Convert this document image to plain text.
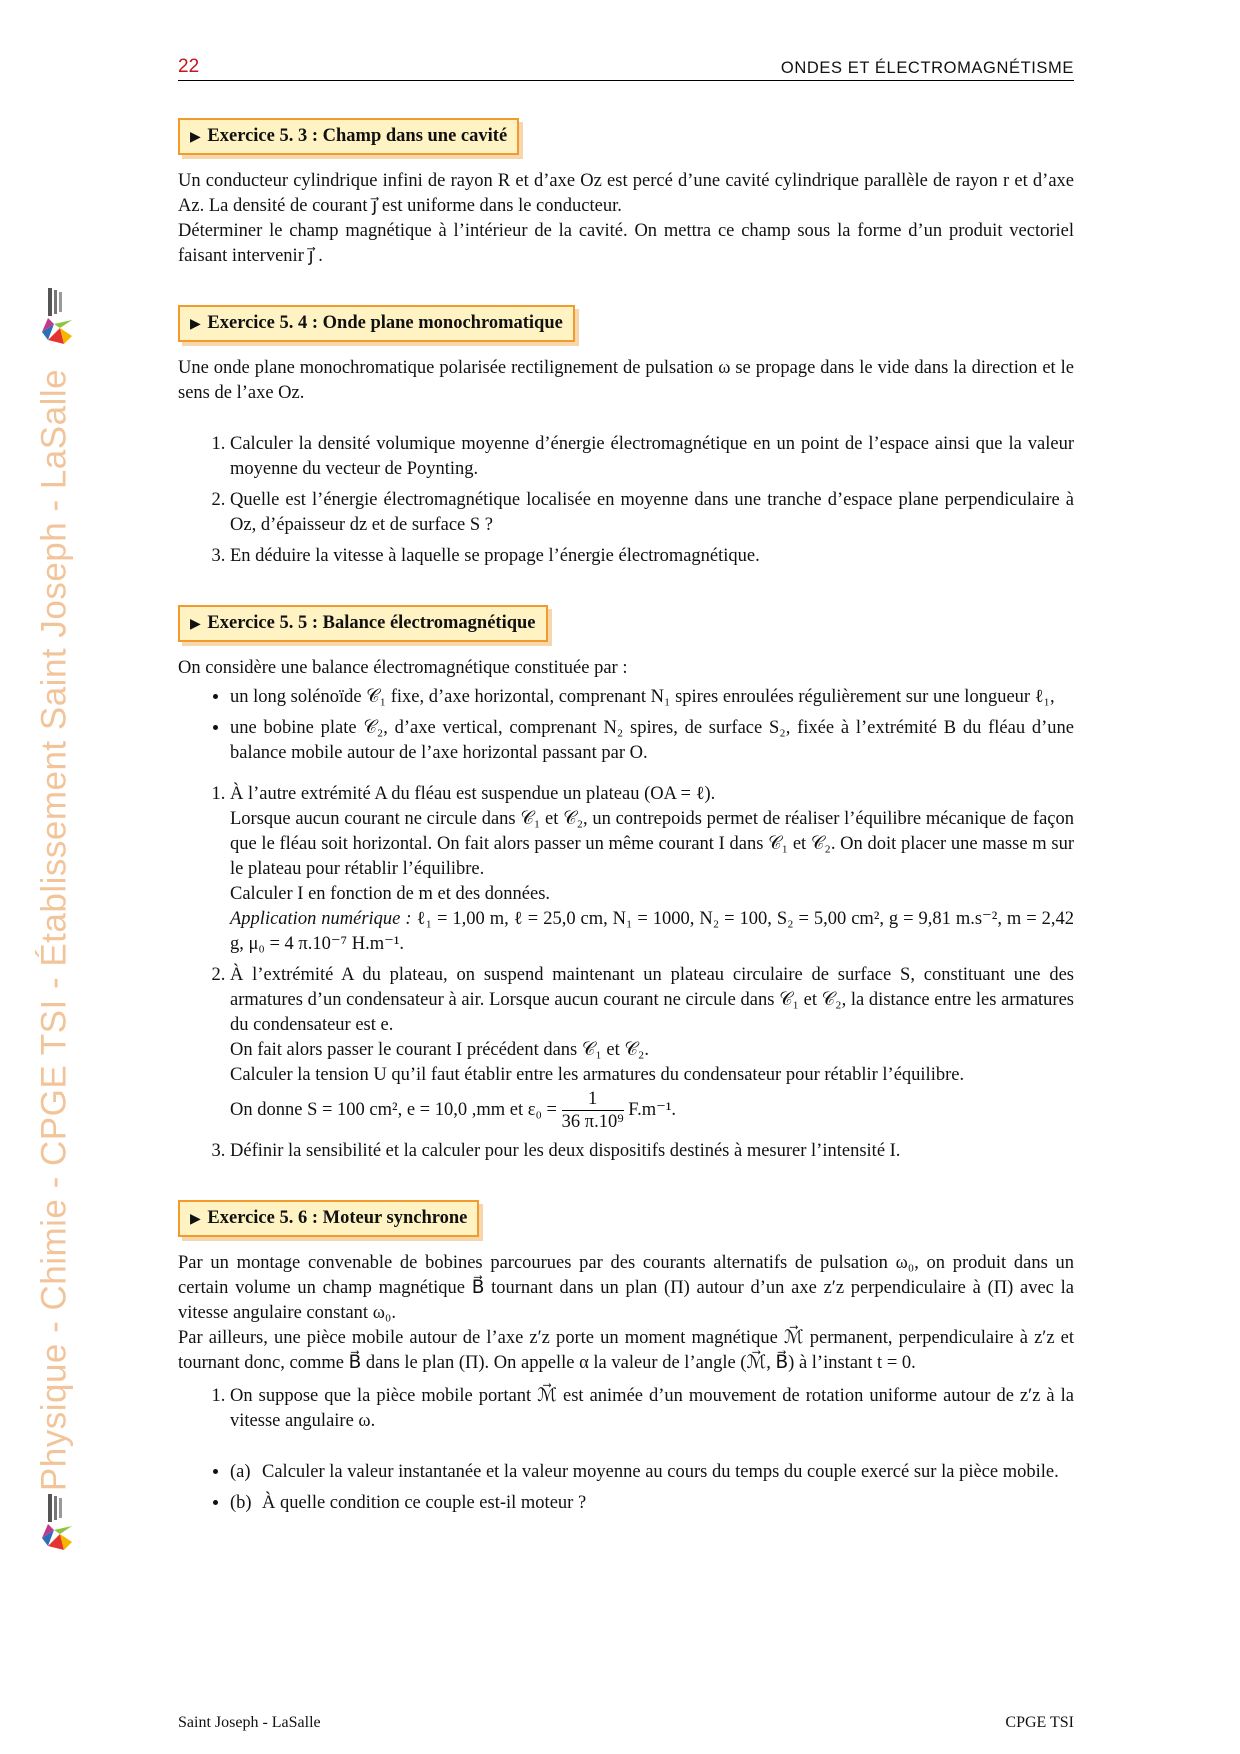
22	ONDES ET ÉLECTROMAGNÉTISME
Physique - Chimie - CPGE TSI - Établissement Saint Joseph - LaSalle
▶ Exercice 5. 3 : Champ dans une cavité

Un conducteur cylindrique infini de rayon R et d’axe Oz est percé d’une cavité cylindrique parallèle de rayon r et d’axe Az. La densité de courant j⃗ est uniforme dans le conducteur.

Déterminer le champ magnétique à l’intérieur de la cavité. On mettra ce champ sous la forme d’un produit vectoriel faisant intervenir j⃗ .

▶ Exercice 5. 4 : Onde plane monochromatique

Une onde plane monochromatique polarisée rectilignement de pulsation ω se propage dans le vide dans la direction et le sens de l’axe Oz.

1. Calculer la densité volumique moyenne d’énergie électromagnétique en un point de l’espace ainsi que la valeur moyenne du vecteur de Poynting.
2. Quelle est l’énergie électromagnétique localisée en moyenne dans une tranche d’espace plane perpendiculaire à Oz, d’épaisseur dz et de surface S ?
3. En déduire la vitesse à laquelle se propage l’énergie électromagnétique.
▶ Exercice 5. 5 : Balance électromagnétique

On considère une balance électromagnétique constituée par :

• un long solénoïde 𝒞₁ fixe, d’axe horizontal, comprenant N₁ spires enroulées régulièrement sur une longueur ℓ₁,
• une bobine plate 𝒞₂, d’axe vertical, comprenant N₂ spires, de surface S₂, fixée à l’extrémité B du fléau d’une balance mobile autour de l’axe horizontal passant par O.
1. À l’autre extrémité A du fléau est suspendue un plateau (OA = ℓ).
Lorsque aucun courant ne circule dans 𝒞₁ et 𝒞₂, un contrepoids permet de réaliser l’équilibre mécanique de façon que le fléau soit horizontal. On fait alors passer un même courant I dans 𝒞₁ et 𝒞₂. On doit placer une masse m sur le plateau pour rétablir l’équilibre.
Calculer I en fonction de m et des données.
Application numérique : ℓ₁ = 1,00 m, ℓ = 25,0 cm, N₁ = 1000, N₂ = 100, S₂ = 5,00 cm², g = 9,81 m.s⁻², m = 2,42 g, μ₀ = 4 π.10⁻⁷ H.m⁻¹.
2. À l’extrémité A du plateau, on suspend maintenant un plateau circulaire de surface S, constituant une des armatures d’un condensateur à air. Lorsque aucun courant ne circule dans 𝒞₁ et 𝒞₂, la distance entre les armatures du condensateur est e.
On fait alors passer le courant I précédent dans 𝒞₁ et 𝒞₂.
Calculer la tension U qu’il faut établir entre les armatures du condensateur pour rétablir l’équilibre.
On donne S = 100 cm², e = 10,0 ,mm et $\varepsilon_0 = \frac{1}{\text{36 π.10⁹}} F.m^{-1}$.
3. Définir la sensibilité et la calculer pour les deux dispositifs destinés à mesurer l’intensité I.
▶ Exercice 5. 6 : Moteur synchrone

Par un montage convenable de bobines parcourues par des courants alternatifs de pulsation ω₀, on produit dans un certain volume un champ magnétique B⃗ tournant dans un plan (Π) autour d’un axe z′z perpendiculaire à (Π) avec la vitesse angulaire constant ω₀.

Par ailleurs, une pièce mobile autour de l’axe z′z porte un moment magnétique ℳ⃗ permanent, perpendiculaire à z′z et tournant donc, comme B⃗ dans le plan (Π). On appelle α la valeur de l’angle (ℳ⃗, B⃗) à l’instant t = 0.

1. On suppose que la pièce mobile portant ℳ⃗ est animée d’un mouvement de rotation uniforme autour de z′z à la vitesse angulaire ω.
• (a) Calculer la valeur instantanée et la valeur moyenne au cours du temps du couple exercé sur la pièce mobile.
• (b) À quelle condition ce couple est-il moteur ?
Saint Joseph - LaSalle	CPGE TSI
